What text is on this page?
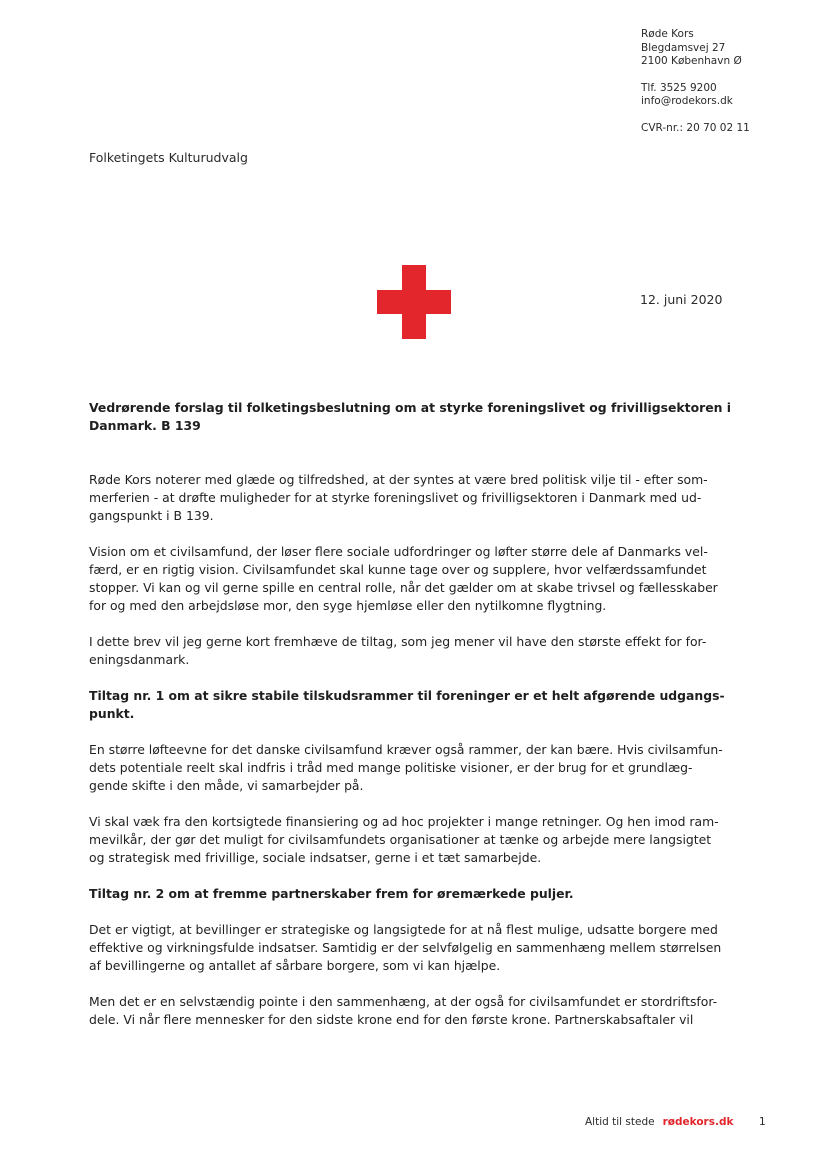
Røde Kors
Blegdamsvej 27
2100 København Ø
Tlf. 3525 9200
info@rodekors.dk
CVR-nr.: 20 70 02 11
Folketingets Kulturudvalg
12. juni 2020

Vedrørende forslag til folketingsbeslutning om at styrke foreningslivet og frivilligsektoren i
Danmark. B 139

Røde Kors noterer med glæde og tilfredshed, at der syntes at være bred politisk vilje til - efter som-
merferien - at drøfte muligheder for at styrke foreningslivet og frivilligsektoren i Danmark med ud-
gangspunkt i B 139.

Vision om et civilsamfund, der løser flere sociale udfordringer og løfter større dele af Danmarks vel-
færd, er en rigtig vision. Civilsamfundet skal kunne tage over og supplere, hvor velfærdssamfundet
stopper. Vi kan og vil gerne spille en central rolle, når det gælder om at skabe trivsel og fællesskaber
for og med den arbejdsløse mor, den syge hjemløse eller den nytilkomne flygtning.

I dette brev vil jeg gerne kort fremhæve de tiltag, som jeg mener vil have den største effekt for for-
eningsdanmark.

Tiltag nr. 1 om at sikre stabile tilskudsrammer til foreninger er et helt afgørende udgangs-
punkt.

En større løfteevne for det danske civilsamfund kræver også rammer, der kan bære. Hvis civilsamfun-
dets potentiale reelt skal indfris i tråd med mange politiske visioner, er der brug for et grundlæg-
gende skifte i den måde, vi samarbejder på.

Vi skal væk fra den kortsigtede finansiering og ad hoc projekter i mange retninger. Og hen imod ram-
mevilkår, der gør det muligt for civilsamfundets organisationer at tænke og arbejde mere langsigtet
og strategisk med frivillige, sociale indsatser, gerne i et tæt samarbejde.

Tiltag nr. 2 om at fremme partnerskaber frem for øremærkede puljer.

Det er vigtigt, at bevillinger er strategiske og langsigtede for at nå flest mulige, udsatte borgere med
effektive og virkningsfulde indsatser. Samtidig er der selvfølgelig en sammenhæng mellem størrelsen
af bevillingerne og antallet af sårbare borgere, som vi kan hjælpe.

Men det er en selvstændig pointe i den sammenhæng, at der også for civilsamfundet er stordriftsfor-
dele. Vi når flere mennesker for den sidste krone end for den første krone. Partnerskabsaftaler vil

Altid til stede rødekors.dk 1
